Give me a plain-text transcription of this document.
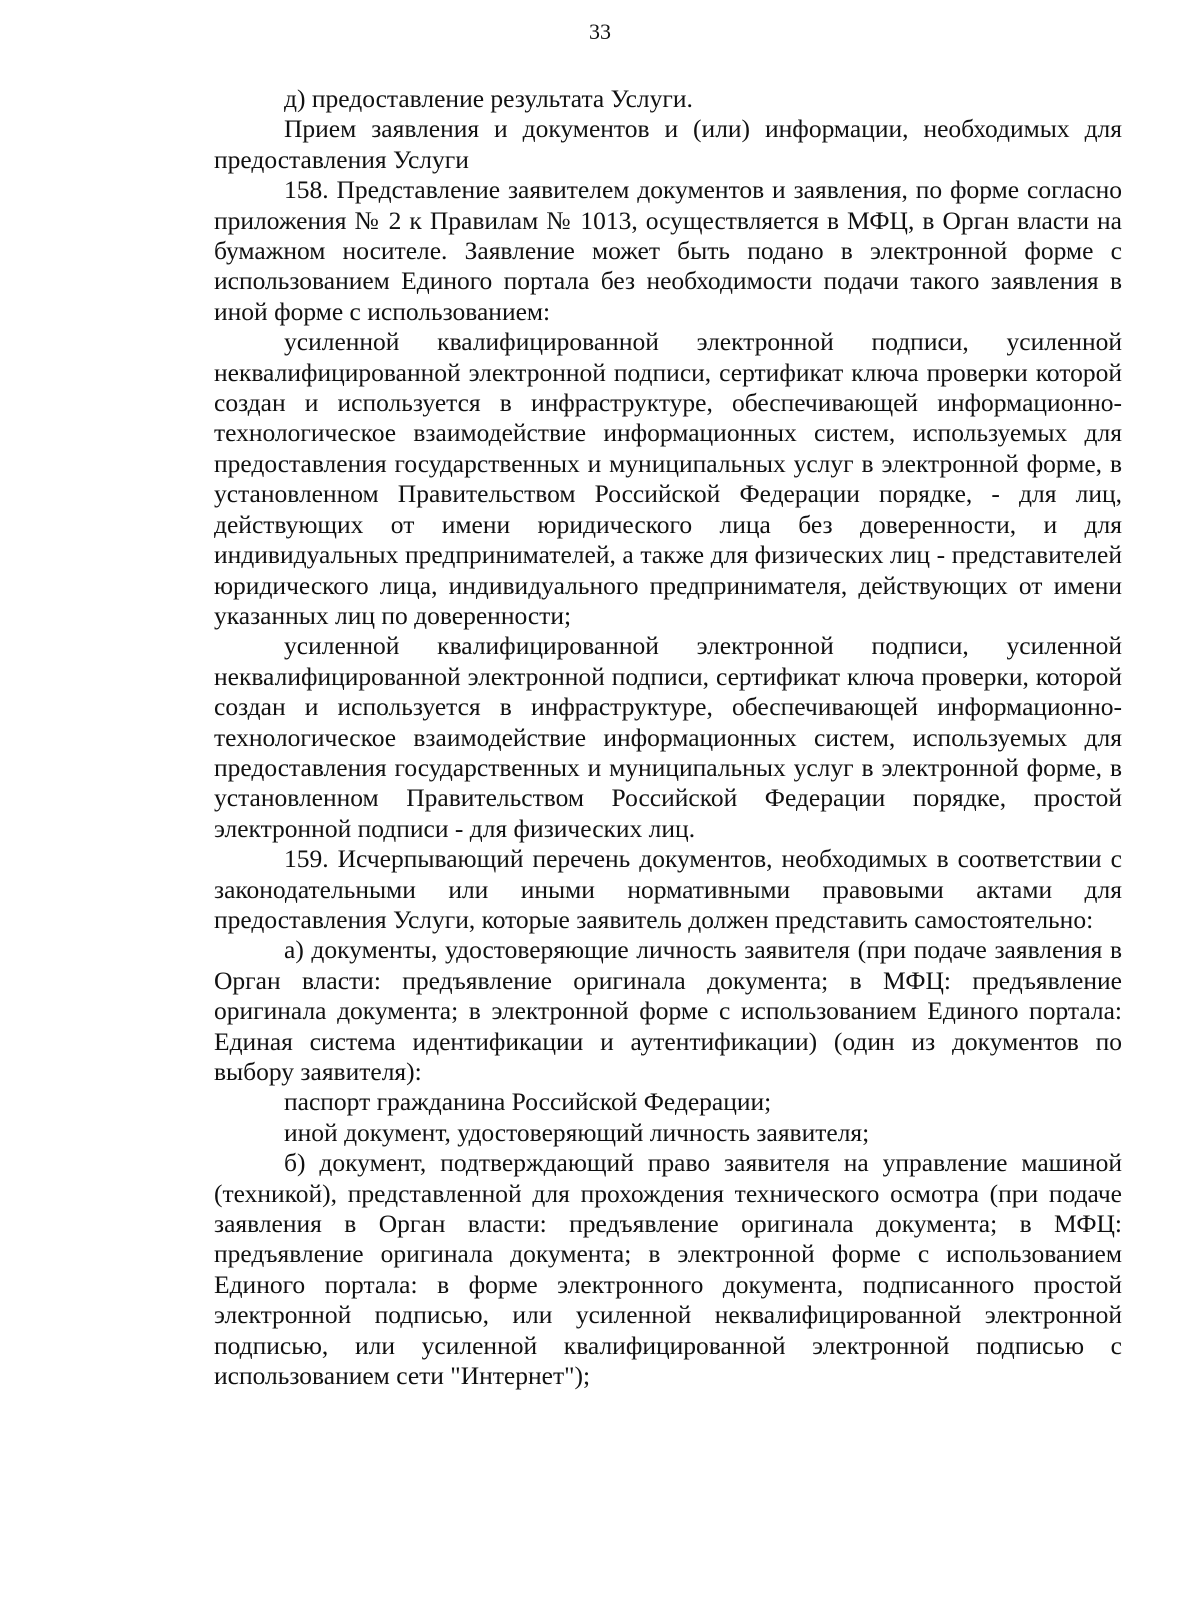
33

д) предоставление результата Услуги.

Прием заявления и документов и (или) информации, необходимых для предоставления Услуги

158. Представление заявителем документов и заявления, по форме согласно приложения № 2 к Правилам № 1013, осуществляется в МФЦ, в Орган власти на бумажном носителе. Заявление может быть подано в электронной форме с использованием Единого портала без необходимости подачи такого заявления в иной форме с использованием:

усиленной квалифицированной электронной подписи, усиленной неквалифицированной электронной подписи, сертификат ключа проверки которой создан и используется в инфраструктуре, обеспечивающей информационно-технологическое взаимодействие информационных систем, используемых для предоставления государственных и муниципальных услуг в электронной форме, в установленном Правительством Российской Федерации порядке, - для лиц, действующих от имени юридического лица без доверенности, и для индивидуальных предпринимателей, а также для физических лиц - представителей юридического лица, индивидуального предпринимателя, действующих от имени указанных лиц по доверенности;

усиленной квалифицированной электронной подписи, усиленной неквалифицированной электронной подписи, сертификат ключа проверки, которой создан и используется в инфраструктуре, обеспечивающей информационно-технологическое взаимодействие информационных систем, используемых для предоставления государственных и муниципальных услуг в электронной форме, в установленном Правительством Российской Федерации порядке, простой электронной подписи - для физических лиц.

159. Исчерпывающий перечень документов, необходимых в соответствии с законодательными или иными нормативными правовыми актами для предоставления Услуги, которые заявитель должен представить самостоятельно:

а) документы, удостоверяющие личность заявителя (при подаче заявления в Орган власти: предъявление оригинала документа; в МФЦ: предъявление оригинала документа; в электронной форме с использованием Единого портала: Единая система идентификации и аутентификации) (один из документов по выбору заявителя):

паспорт гражданина Российской Федерации;

иной документ, удостоверяющий личность заявителя;

б) документ, подтверждающий право заявителя на управление машиной (техникой), представленной для прохождения технического осмотра (при подаче заявления в Орган власти: предъявление оригинала документа; в МФЦ: предъявление оригинала документа; в электронной форме с использованием Единого портала: в форме электронного документа, подписанного простой электронной подписью, или усиленной неквалифицированной электронной подписью, или усиленной квалифицированной электронной подписью с использованием сети "Интернет");
